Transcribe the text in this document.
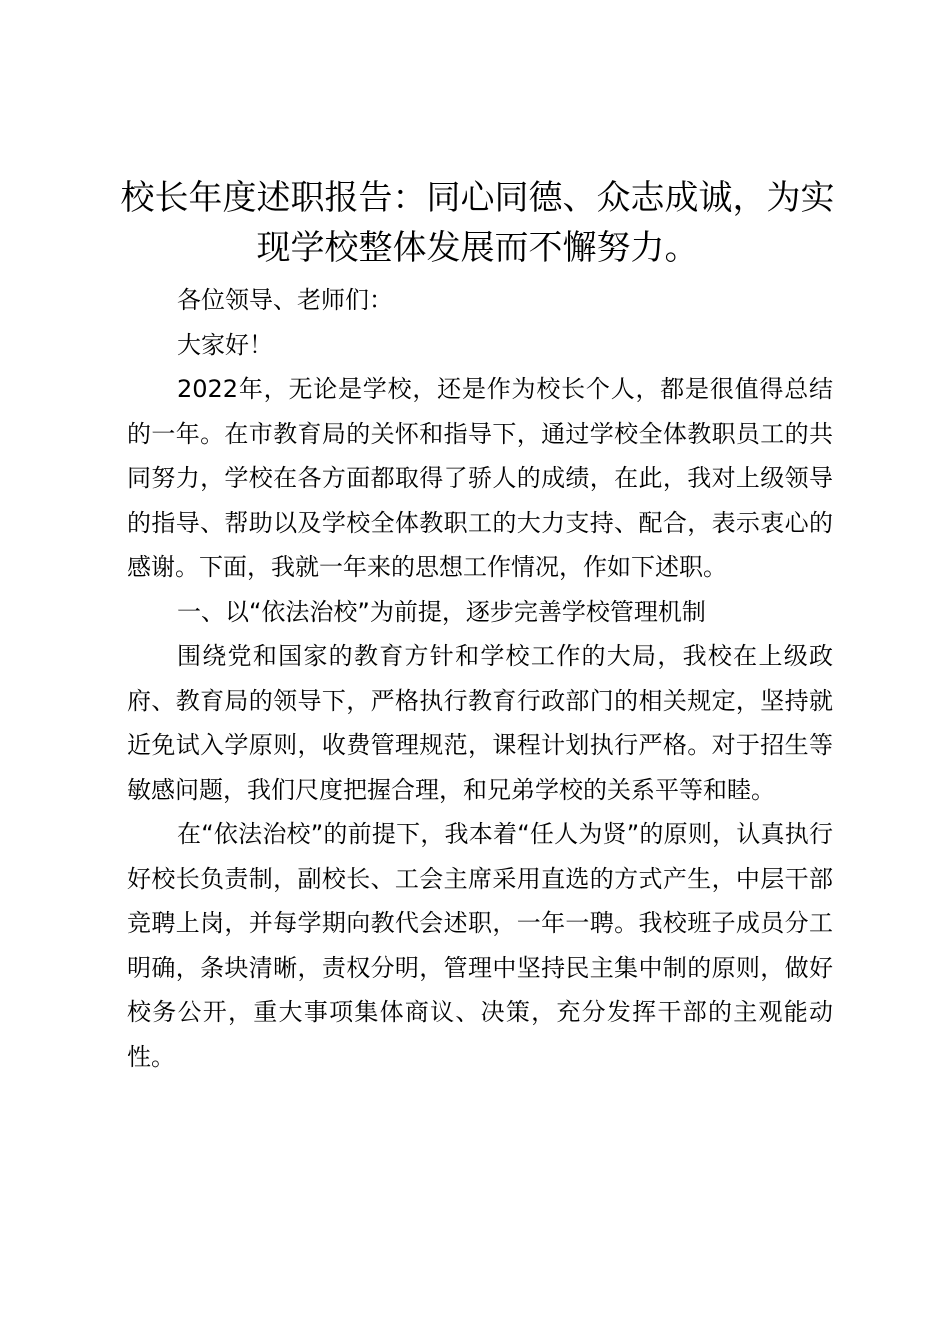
校长年度述职报告：同心同德、众志成诚，为实现学校整体发展而不懈努力。

各位领导、老师们：

大家好！

2022年，无论是学校，还是作为校长个人，都是很值得总结的一年。在市教育局的关怀和指导下，通过学校全体教职员工的共同努力，学校在各方面都取得了骄人的成绩，在此，我对上级领导的指导、帮助以及学校全体教职工的大力支持、配合，表示衷心的感谢。下面，我就一年来的思想工作情况，作如下述职。

一、以“依法治校”为前提，逐步完善学校管理机制

围绕党和国家的教育方针和学校工作的大局，我校在上级政府、教育局的领导下，严格执行教育行政部门的相关规定，坚持就近免试入学原则，收费管理规范，课程计划执行严格。对于招生等敏感问题，我们尺度把握合理，和兄弟学校的关系平等和睦。

在“依法治校”的前提下，我本着“任人为贤”的原则，认真执行好校长负责制，副校长、工会主席采用直选的方式产生，中层干部竞聘上岗，并每学期向教代会述职，一年一聘。我校班子成员分工明确，条块清晰，责权分明，管理中坚持民主集中制的原则，做好校务公开，重大事项集体商议、决策，充分发挥干部的主观能动性。
